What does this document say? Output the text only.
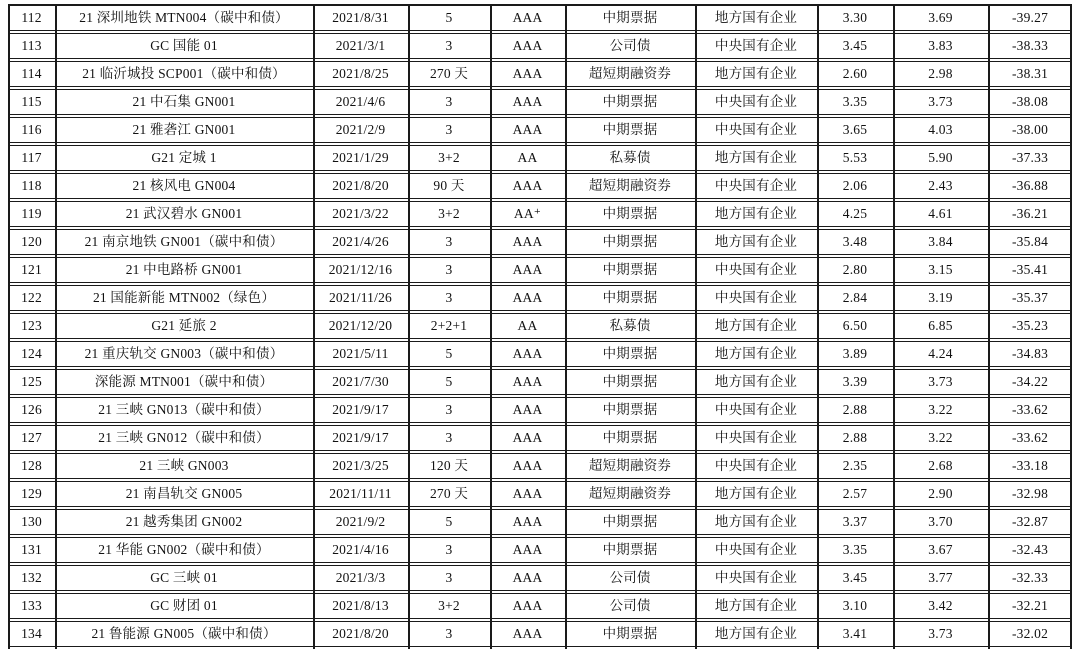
112	21 深圳地铁 MTN004（碳中和债）	2021/8/31	5	AAA	中期票据	地方国有企业	3.30	3.69	-39.27
113	GC 国能 01	2021/3/1	3	AAA	公司债	中央国有企业	3.45	3.83	-38.33
114	21 临沂城投 SCP001（碳中和债）	2021/8/25	270 天	AAA	超短期融资券	地方国有企业	2.60	2.98	-38.31
115	21 中石集 GN001	2021/4/6	3	AAA	中期票据	中央国有企业	3.35	3.73	-38.08
116	21 雅砻江 GN001	2021/2/9	3	AAA	中期票据	中央国有企业	3.65	4.03	-38.00
117	G21 定城 1	2021/1/29	3+2	AA	私募债	地方国有企业	5.53	5.90	-37.33
118	21 核风电 GN004	2021/8/20	90 天	AAA	超短期融资券	中央国有企业	2.06	2.43	-36.88
119	21 武汉碧水 GN001	2021/3/22	3+2	AA⁺	中期票据	地方国有企业	4.25	4.61	-36.21
120	21 南京地铁 GN001（碳中和债）	2021/4/26	3	AAA	中期票据	地方国有企业	3.48	3.84	-35.84
121	21 中电路桥 GN001	2021/12/16	3	AAA	中期票据	中央国有企业	2.80	3.15	-35.41
122	21 国能新能 MTN002（绿色）	2021/11/26	3	AAA	中期票据	中央国有企业	2.84	3.19	-35.37
123	G21 延旅 2	2021/12/20	2+2+1	AA	私募债	地方国有企业	6.50	6.85	-35.23
124	21 重庆轨交 GN003（碳中和债）	2021/5/11	5	AAA	中期票据	地方国有企业	3.89	4.24	-34.83
125	深能源 MTN001（碳中和债）	2021/7/30	5	AAA	中期票据	地方国有企业	3.39	3.73	-34.22
126	21 三峡 GN013（碳中和债）	2021/9/17	3	AAA	中期票据	中央国有企业	2.88	3.22	-33.62
127	21 三峡 GN012（碳中和债）	2021/9/17	3	AAA	中期票据	中央国有企业	2.88	3.22	-33.62
128	21 三峡 GN003	2021/3/25	120 天	AAA	超短期融资券	中央国有企业	2.35	2.68	-33.18
129	21 南昌轨交 GN005	2021/11/11	270 天	AAA	超短期融资券	地方国有企业	2.57	2.90	-32.98
130	21 越秀集团 GN002	2021/9/2	5	AAA	中期票据	地方国有企业	3.37	3.70	-32.87
131	21 华能 GN002（碳中和债）	2021/4/16	3	AAA	中期票据	中央国有企业	3.35	3.67	-32.43
132	GC 三峡 01	2021/3/3	3	AAA	公司债	中央国有企业	3.45	3.77	-32.33
133	GC 财团 01	2021/8/13	3+2	AAA	公司债	地方国有企业	3.10	3.42	-32.21
134	21 鲁能源 GN005（碳中和债）	2021/8/20	3	AAA	中期票据	地方国有企业	3.41	3.73	-32.02
